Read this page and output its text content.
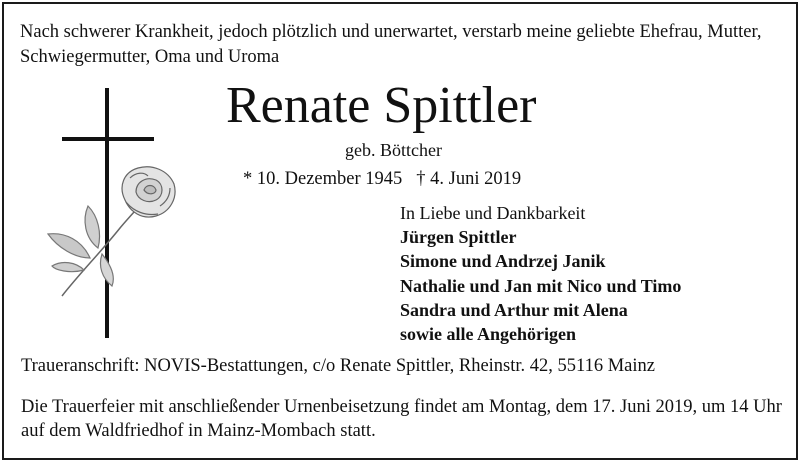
Nach schwerer Krankheit, jedoch plötzlich und unerwartet, verstarb meine geliebte Ehefrau, Mutter, Schwiegermutter, Oma und Uroma
Renate Spittler
geb. Böttcher
* 10. Dezember 1945 † 4. Juni 2019
In Liebe und Dankbarkeit
Jürgen Spittler
Simone und Andrzej Janik
Nathalie und Jan mit Nico und Timo
Sandra und Arthur mit Alena
sowie alle Angehörigen
Traueranschrift: NOVIS-Bestattungen, c/o Renate Spittler, Rheinstr. 42, 55116 Mainz
Die Trauerfeier mit anschließender Urnenbeisetzung findet am Montag, dem 17. Juni 2019, um 14 Uhr auf dem Waldfriedhof in Mainz-Mombach statt.
